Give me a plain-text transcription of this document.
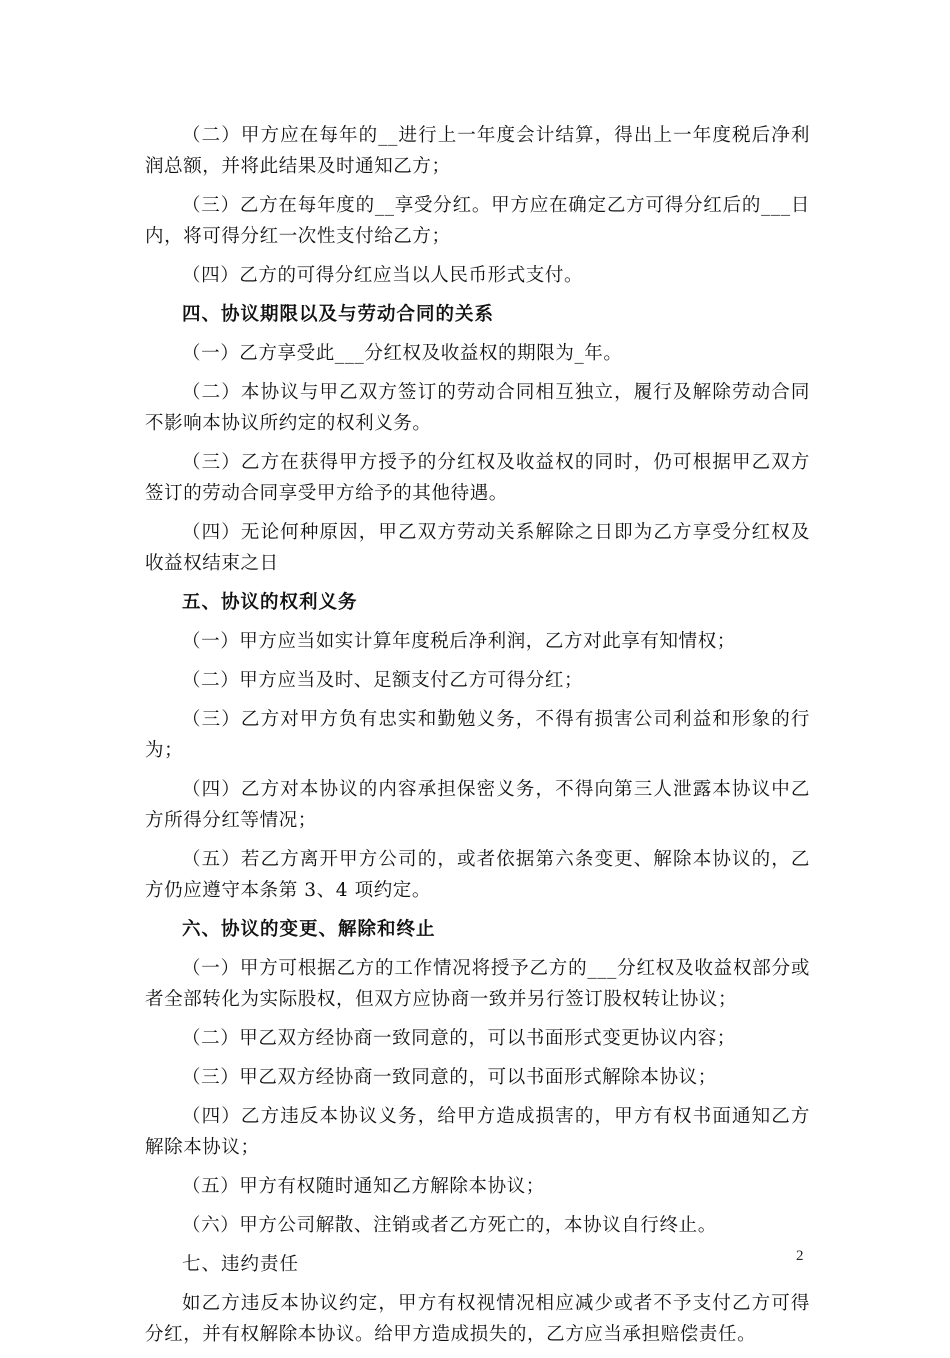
（二）甲方应在每年的__进行上一年度会计结算，得出上一年度税后净利润总额，并将此结果及时通知乙方；

（三）乙方在每年度的__享受分红。甲方应在确定乙方可得分红后的___日内，将可得分红一次性支付给乙方；

（四）乙方的可得分红应当以人民币形式支付。

四、协议期限以及与劳动合同的关系

（一）乙方享受此___分红权及收益权的期限为_年。

（二）本协议与甲乙双方签订的劳动合同相互独立，履行及解除劳动合同不影响本协议所约定的权利义务。

（三）乙方在获得甲方授予的分红权及收益权的同时，仍可根据甲乙双方签订的劳动合同享受甲方给予的其他待遇。

（四）无论何种原因，甲乙双方劳动关系解除之日即为乙方享受分红权及收益权结束之日

五、协议的权利义务

（一）甲方应当如实计算年度税后净利润，乙方对此享有知情权；

（二）甲方应当及时、足额支付乙方可得分红；

（三）乙方对甲方负有忠实和勤勉义务，不得有损害公司利益和形象的行为；

（四）乙方对本协议的内容承担保密义务，不得向第三人泄露本协议中乙方所得分红等情况；

（五）若乙方离开甲方公司的，或者依据第六条变更、解除本协议的，乙方仍应遵守本条第 3、4 项约定。

六、协议的变更、解除和终止

（一）甲方可根据乙方的工作情况将授予乙方的___分红权及收益权部分或者全部转化为实际股权，但双方应协商一致并另行签订股权转让协议；

（二）甲乙双方经协商一致同意的，可以书面形式变更协议内容；

（三）甲乙双方经协商一致同意的，可以书面形式解除本协议；

（四）乙方违反本协议义务，给甲方造成损害的，甲方有权书面通知乙方解除本协议；

（五）甲方有权随时通知乙方解除本协议；

（六）甲方公司解散、注销或者乙方死亡的，本协议自行终止。

七、违约责任

如乙方违反本协议约定，甲方有权视情况相应减少或者不予支付乙方可得分红，并有权解除本协议。给甲方造成损失的，乙方应当承担赔偿责任。

2
